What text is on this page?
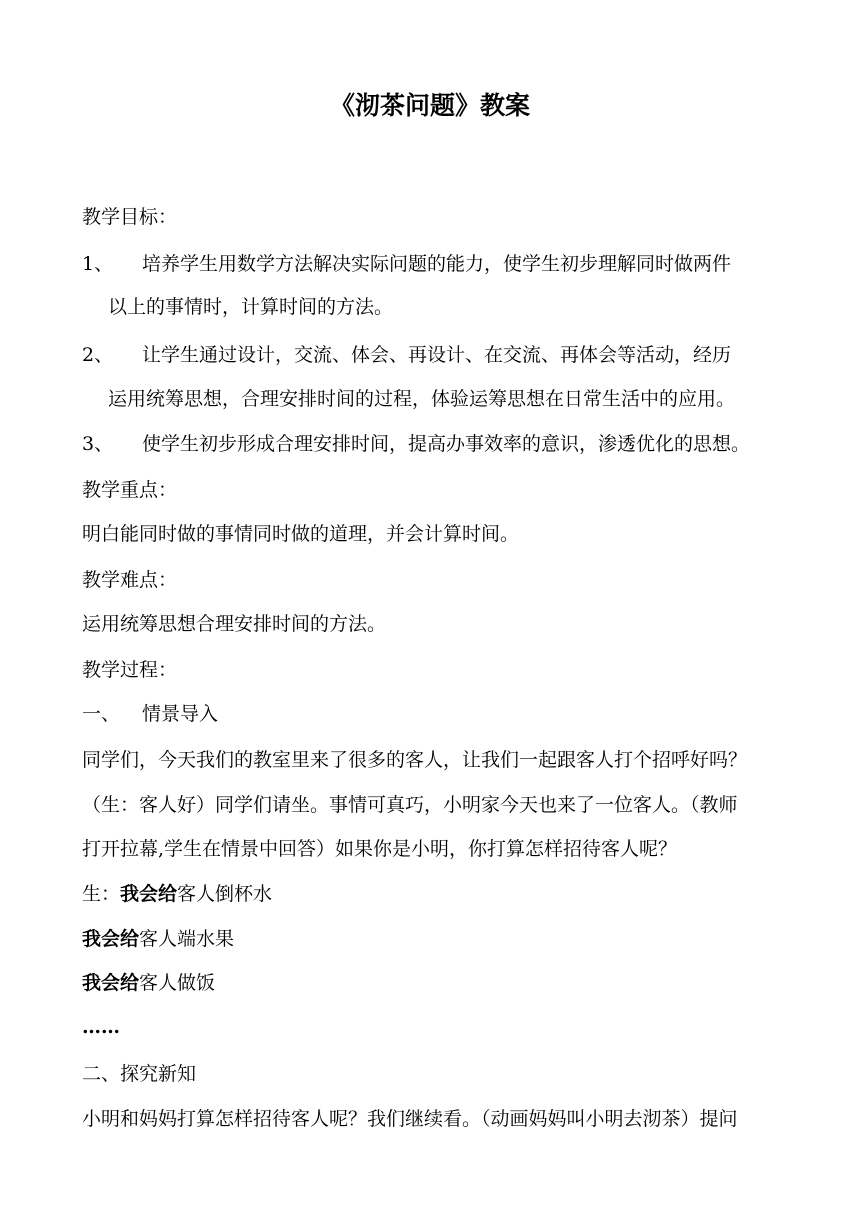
《沏茶问题》教案
教学目标：
1、 培养学生用数学方法解决实际问题的能力，使学生初步理解同时做两件
以上的事情时，计算时间的方法。
2、 让学生通过设计，交流、体会、再设计、在交流、再体会等活动，经历
运用统筹思想，合理安排时间的过程，体验运筹思想在日常生活中的应用。
3、 使学生初步形成合理安排时间，提高办事效率的意识，渗透优化的思想。
教学重点：
明白能同时做的事情同时做的道理，并会计算时间。
教学难点：
运用统筹思想合理安排时间的方法。
教学过程：
一、 情景导入
同学们，今天我们的教室里来了很多的客人，让我们一起跟客人打个招呼好吗？
（生：客人好）同学们请坐。事情可真巧，小明家今天也来了一位客人。（教师
打开拉幕,学生在情景中回答）如果你是小明，你打算怎样招待客人呢？
生：我会给客人倒杯水
我会给客人端水果
我会给客人做饭
……
二、探究新知
小明和妈妈打算怎样招待客人呢？我们继续看。（动画妈妈叫小明去沏茶）提问
